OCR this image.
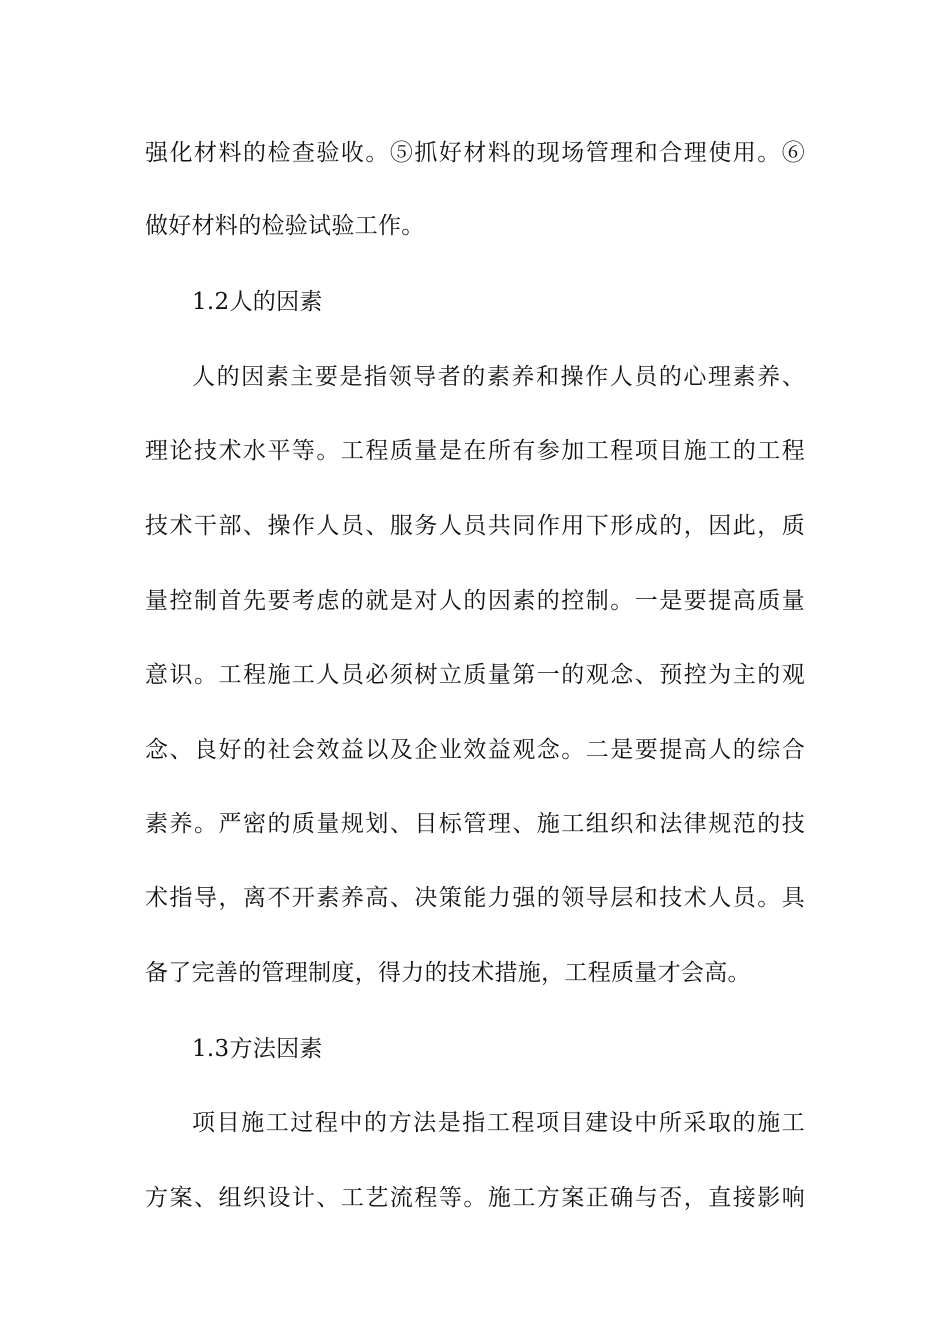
强化材料的检查验收。⑤抓好材料的现场管理和合理使用。⑥
做好材料的检验试验工作。
1.2人的因素
人的因素主要是指领导者的素养和操作人员的心理素养、
理论技术水平等。工程质量是在所有参加工程项目施工的工程
技术干部、操作人员、服务人员共同作用下形成的，因此，质
量控制首先要考虑的就是对人的因素的控制。一是要提高质量
意识。工程施工人员必须树立质量第一的观念、预控为主的观
念、良好的社会效益以及企业效益观念。二是要提高人的综合
素养。严密的质量规划、目标管理、施工组织和法律规范的技
术指导，离不开素养高、决策能力强的领导层和技术人员。具
备了完善的管理制度，得力的技术措施，工程质量才会高。
1.3方法因素
项目施工过程中的方法是指工程项目建设中所采取的施工
方案、组织设计、工艺流程等。施工方案正确与否，直接影响
